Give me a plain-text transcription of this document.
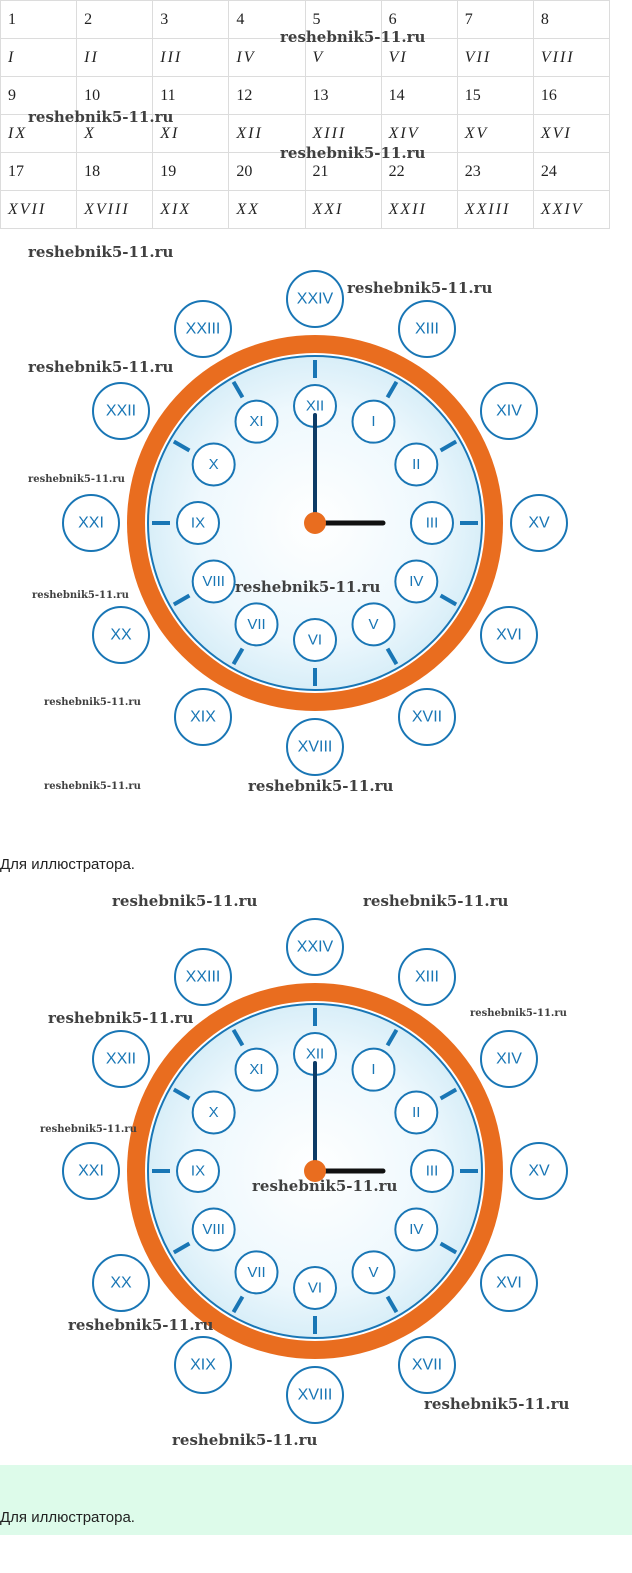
1	2	3	4	5	6	7	8
I	II	III	IV	V	VI	VII	VIII
9	10	11	12	13	14	15	16
IX	X	XI	XII	XIII	XIV	XV	XVI
17	18	19	20	21	22	23	24
XVII	XVIII	XIX	XX	XXI	XXII	XXIII	XXIV
XII
I
II
III
IV
V
VI
VII
VIII
IX
X
XI
XXIV
XIII
XIV
XV
XVI
XVII
XVIII
XIX
XX
XXI
XXII
XXIII
Для иллюстратора.
XII
I
II
III
IV
V
VI
VII
VIII
IX
X
XI
XXIV
XIII
XIV
XV
XVI
XVII
XVIII
XIX
XX
XXI
XXII
XXIII
Для иллюстратора.
reshebnik5-11.ru
reshebnik5-11.ru
reshebnik5-11.ru
reshebnik5-11.ru
reshebnik5-11.ru
reshebnik5-11.ru
reshebnik5-11.ru
reshebnik5-11.ru
reshebnik5-11.ru
reshebnik5-11.ru
reshebnik5-11.ru
reshebnik5-11.ru
reshebnik5-11.ru	reshebnik5-11.ru
reshebnik5-11.ru	reshebnik5-11.ru
reshebnik5-11.ru
reshebnik5-11.ru
reshebnik5-11.ru
reshebnik5-11.ru
reshebnik5-11.ru
